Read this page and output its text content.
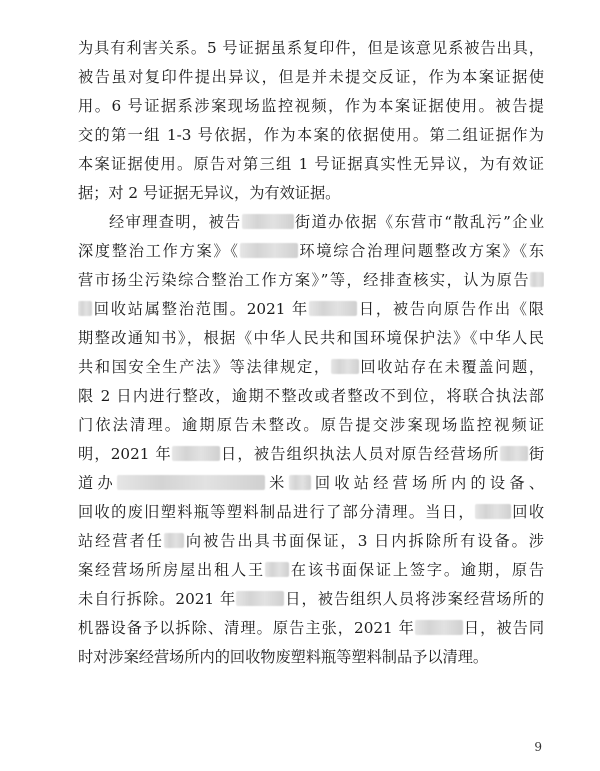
为具有利害关系。5 号证据虽系复印件，但是该意见系被告出具，
被告虽对复印件提出异议，但是并未提交反证，作为本案证据使
用。6 号证据系涉案现场监控视频，作为本案证据使用。被告提
交的第一组 1-3 号依据，作为本案的依据使用。第二组证据作为
本案证据使用。原告对第三组 1 号证据真实性无异议，为有效证
据；对 2 号证据无异议，为有效证据。
经审理查明，被告	街道办依据《东营市“散乱污”企业
深度整治工作方案》《	环境综合治理问题整改方案》《东
营市扬尘污染综合整治工作方案》”等，经排查核实，认为原告
回收站属整治范围。2021 年	日，被告向原告作出《限
期整改通知书》，根据《中华人民共和国环境保护法》《中华人民
共和国安全生产法》等法律规定， 回收站存在未覆盖问题，
限 2 日内进行整改，逾期不整改或者整改不到位，将联合执法部
门依法清理。逾期原告未整改。原告提交涉案现场监控视频证
明，2021 年	日，被告组织执法人员对原告经营场所 街
道办	米 回收站经营场所内的设备、
回收的废旧塑料瓶等塑料制品进行了部分清理。当日， 回收
站经营者任 向被告出具书面保证，3 日内拆除所有设备。涉
案经营场所房屋出租人王 在该书面保证上签字。逾期，原告
未自行拆除。2021 年	日，被告组织人员将涉案经营场所的
机器设备予以拆除、清理。原告主张，2021 年	日，被告同
时对涉案经营场所内的回收物废塑料瓶等塑料制品予以清理。
9
